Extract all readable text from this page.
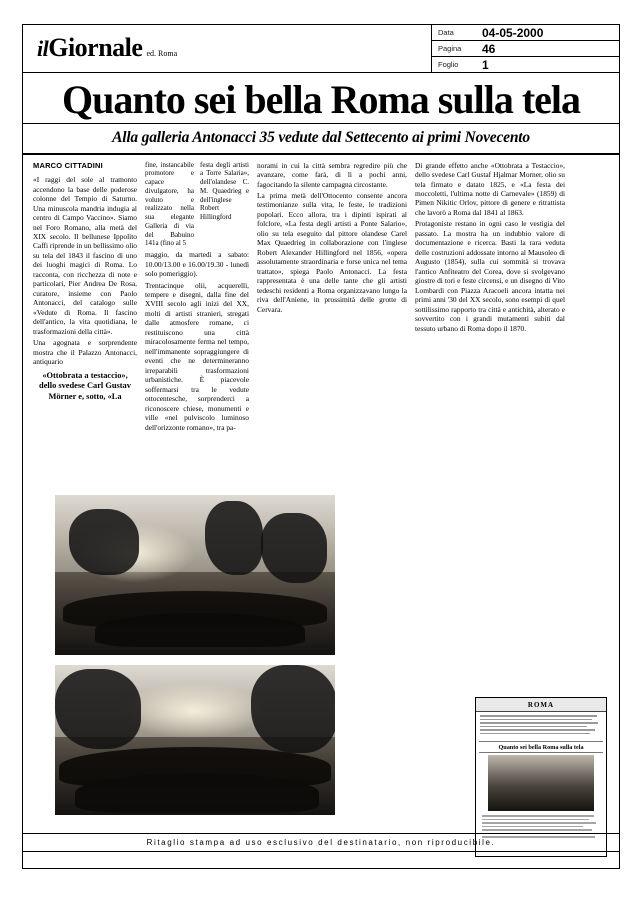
ilGiornale ed. Roma
Data	04-05-2000
Pagina	46
Foglio	1
Quanto sei bella Roma sulla tela
Alla galleria Antonacci 35 vedute dal Settecento ai primi Novecento
MARCO CITTADINI

«I raggi del sole al tramonto accendono la base delle poderose colonne del Tempio di Saturno. Una minuscola mandria indugia al centro di Campo Vaccino». Siamo nel Foro Romano, alla metà del XIX secolo. Il bellunese Ippolito Caffi riprende in un bellissimo olio su tela del 1843 il fascino di uno dei luoghi magici di Roma. Lo racconta, con ricchezza di note e particolari, Pier Andrea De Rosa, curatore, insieme con Paolo Antonacci, del catalogo sulle «Vedute di Roma. Il fascino dell'antico, la vita quotidiana, le trasformazioni della città».

Una agognata e sorprendente mostra che il Palazzo Antonacci, antiquario

«Ottobrata a testaccio», dello svedese Carl Gustav Mörner e, sotto, «La
fine, instancabile promotore e capace divulgatore, ha voluto e realizzato nella sua elegante Galleria di via del Babuino 141a (fino al 5
festa degli artisti a Torre Salaria», dell'olandese C. M. Quaedrieg e dell'inglese Robert Hillingford

maggio, da martedì a sabato: 10.00/13.00 e 16.00/19.30 - lunedì solo pomeriggio).

Trentacinque olii, acquerelli, tempere e disegni, dalla fine del XVIII secolo agli inizi del XX, molti di artisti stranieri, stregati dalle atmosfere romane, ci restituiscono una città miracolosamente ferma nel tempo, nell'immanente sopraggiungere di eventi che ne determineranno irreparabili trasformazioni urbanistiche. È piacevole soffermarsi tra le vedute ottocentesche, sorprenderci a riconoscere chiese, monumenti e ville «nel pulviscolo luminoso dell'orizzonte romano», tra pa-

norami in cui la città sembra regredire più che avanzare, come farà, di lì a pochi anni, fagocitando la silente campagna circostante.

La prima metà dell'Ottocento consente ancora testimonianze sulla vita, le feste, le tradizioni popolari. Ecco allora, tra i dipinti ispirati al folclore, «La festa degli artisti a Ponte Salario», olio su tela eseguito dal pittore olandese Carel Max Quaedrieg in collaborazione con l'inglese Robert Alexander Hillingford nel 1856, «opera assolutamente straordinaria e forse unica nel tema trattato», spiega Paolo Antonacci. La festa rappresentata è una delle tante che gli artisti tedeschi residenti a Roma organizzavano lungo la riva dell'Aniene, in prossimità delle grotte di Cervara.

Di grande effetto anche «Ottobrata a Testaccio», dello svedese Carl Gustaf Hjalmar Morner, olio su tela firmato e datato 1825, e «La festa dei moccoletti, l'ultima notte di Carnevale» (1859) di Pimen Nikitic Orlov, pittore di genere e ritrattista che lavorò a Roma dal 1841 al 1863.

Protagoniste restano in ogni caso le vestigia del passato. La mostra ha un indubbio valore di documentazione e ricerca. Basti la rara veduta delle costruzioni addossate intorno al Mausoleo di Augusto (1854), sulla cui sommità si trovava l'antico Anfiteatro del Corea, dove si svolgevano giostre di tori e feste circensi, e un disegno di Vito Lombardi con Piazza Aracoeli ancora intatta nei primi anni '30 del XX secolo, sono esempi di quel sottilissimo rapporto tra città e antichità, alterato e sovvertito con i grandi mutamenti subiti dal tessuto urbano di Roma dopo il 1870.

ROMA
Quanto sei bella Roma sulla tela
Ritaglio stampa ad uso esclusivo del destinatario, non riproducibile.
